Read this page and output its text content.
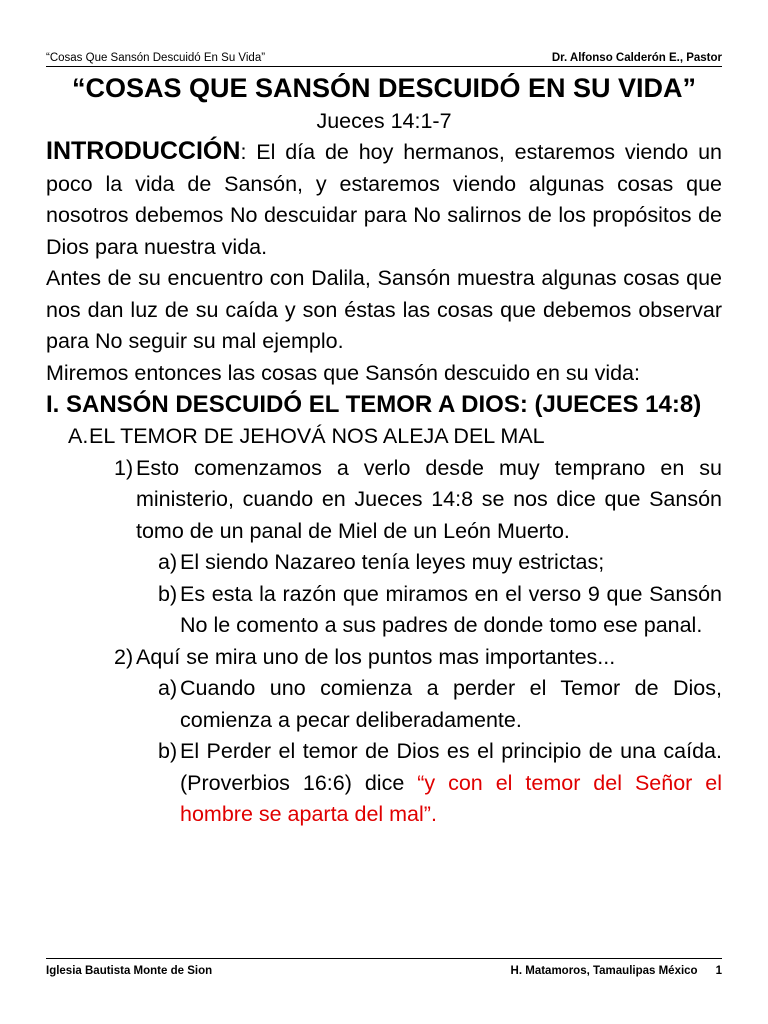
“Cosas Que Sansón Descuidó En Su Vida”	Dr. Alfonso Calderón E., Pastor
“COSAS QUE SANSÓN DESCUIDÓ EN SU VIDA”
Jueces 14:1-7

INTRODUCCIÓN: El día de hoy hermanos, estaremos viendo un poco la vida de Sansón, y estaremos viendo algunas cosas que nosotros debemos No descuidar para No salirnos de los propósitos de Dios para nuestra vida.

Antes de su encuentro con Dalila, Sansón muestra algunas cosas que nos dan luz de su caída y son éstas las cosas que debemos observar para No seguir su mal ejemplo.

Miremos entonces las cosas que Sansón descuido en su vida:

I. SANSÓN DESCUIDÓ EL TEMOR A DIOS: (JUECES 14:8)
A. EL TEMOR DE JEHOVÁ NOS ALEJA DEL MAL
1) Esto comenzamos a verlo desde muy temprano en su ministerio, cuando en Jueces 14:8 se nos dice que Sansón tomo de un panal de Miel de un León Muerto.
a) El siendo Nazareo tenía leyes muy estrictas;
b) Es esta la razón que miramos en el verso 9 que Sansón No le comento a sus padres de donde tomo ese panal.
2) Aquí se mira uno de los puntos mas importantes...
a) Cuando uno comienza a perder el Temor de Dios, comienza a pecar deliberadamente.
b) El Perder el temor de Dios es el principio de una caída. (Proverbios 16:6) dice “y con el temor del Señor el hombre se aparta del mal”.
Iglesia Bautista Monte de Sion	H. Matamoros, Tamaulipas México 1
